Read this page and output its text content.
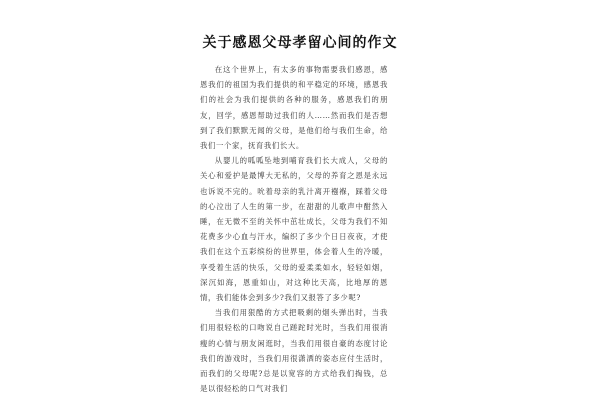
关于感恩父母孝留心间的作文

在这个世界上，有太多的事物需要我们感恩，感恩我们的祖国为我们提供的和平稳定的环境，感恩我们的社会为我们提供的各种的服务，感恩我们的朋友，回学，感恩帮助过我们的人……然而我们是否想到了我们默默无闻的父母，是他们给与我们生命，给我们一个家，抚育我们长大。

从婴儿的呱呱坠地到哺育我们长大成人，父母的关心和爱护是最博大无私的，父母的养育之恩是永远也诉说不完的。吮着母亲的乳汁离开襁褓，踩着父母的心泣出了人生的第一步，在甜甜的儿歌声中酣然入睡，在无微不至的关怀中茁壮成长，父母为我们不知花费多少心血与汗水，编织了多少个日日夜夜，才使我们在这个五彩缤纷的世界里，体会着人生的冷暖，享受着生活的快乐，父母的爱柔柔如水，轻轻如烟，深沉如海，恩重如山，对这种比天高，比地厚的恩情，我们能体会到多少?我们又报答了多少呢?

当我们用狠酷的方式把吸剩的烟头弹出时，当我们用很轻松的口吻说自己蹉跎时光时，当我们用很消瘦的心情与朋友闲逛时，当我们用很自豪的态度讨论我们的游戏时，当我们用很潇洒的姿态应付生活时，而我们的父母呢?总是以宽容的方式给我们掏钱，总是以很轻松的口气对我们
